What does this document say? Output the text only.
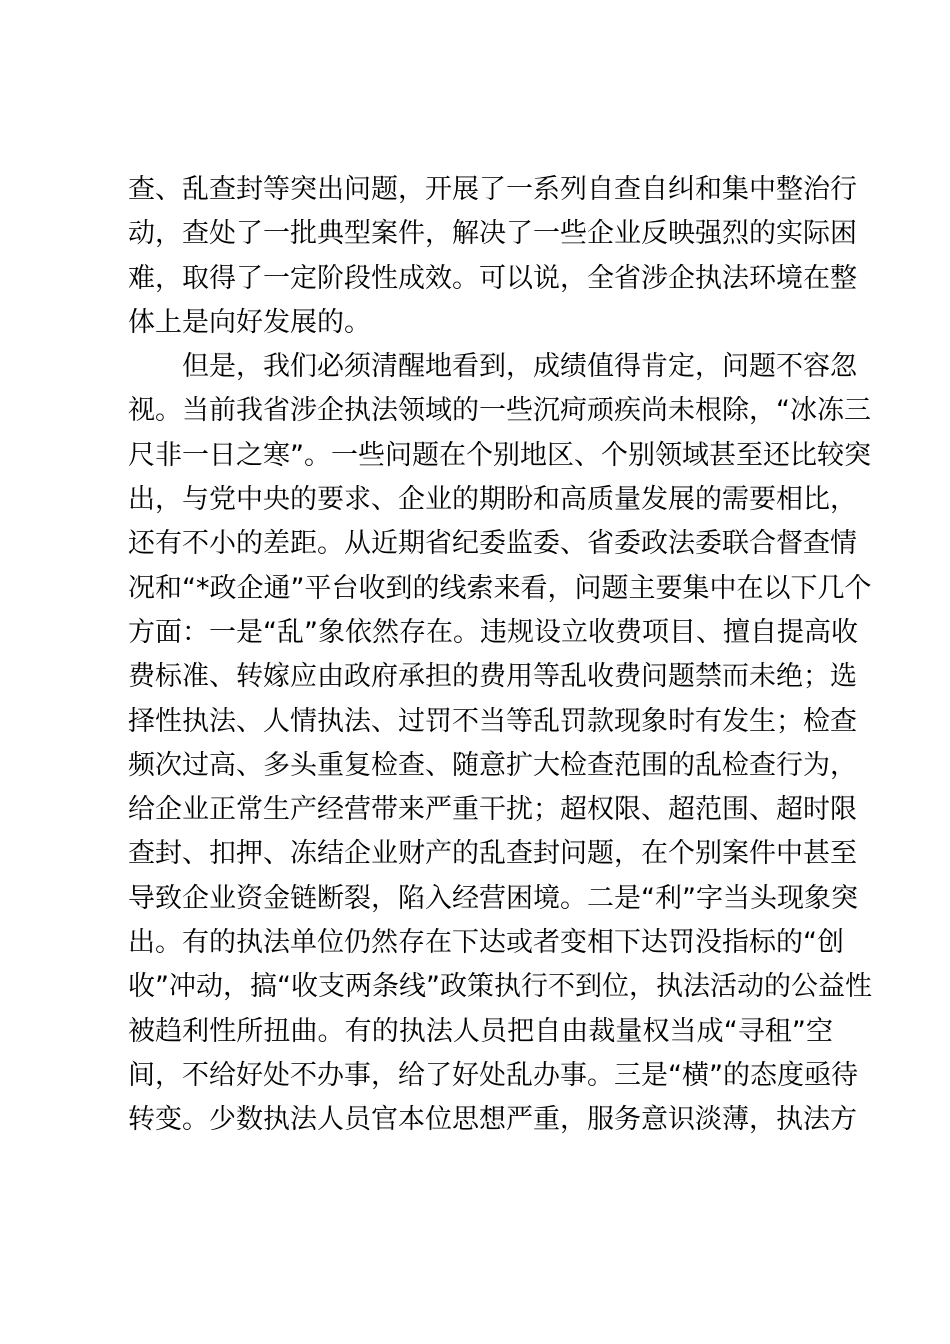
查、乱查封等突出问题，开展了一系列自查自纠和集中整治行
动，查处了一批典型案件，解决了一些企业反映强烈的实际困
难，取得了一定阶段性成效。可以说，全省涉企执法环境在整
体上是向好发展的。
但是，我们必须清醒地看到，成绩值得肯定，问题不容忽
视。当前我省涉企执法领域的一些沉疴顽疾尚未根除，“冰冻三
尺非一日之寒”。一些问题在个别地区、个别领域甚至还比较突
出，与党中央的要求、企业的期盼和高质量发展的需要相比，
还有不小的差距。从近期省纪委监委、省委政法委联合督查情
况和“*政企通”平台收到的线索来看，问题主要集中在以下几个
方面：一是“乱”象依然存在。违规设立收费项目、擅自提高收
费标准、转嫁应由政府承担的费用等乱收费问题禁而未绝；选
择性执法、人情执法、过罚不当等乱罚款现象时有发生；检查
频次过高、多头重复检查、随意扩大检查范围的乱检查行为，
给企业正常生产经营带来严重干扰；超权限、超范围、超时限
查封、扣押、冻结企业财产的乱查封问题，在个别案件中甚至
导致企业资金链断裂，陷入经营困境。二是“利”字当头现象突
出。有的执法单位仍然存在下达或者变相下达罚没指标的“创
收”冲动，搞“收支两条线”政策执行不到位，执法活动的公益性
被趋利性所扭曲。有的执法人员把自由裁量权当成“寻租”空
间，不给好处不办事，给了好处乱办事。三是“横”的态度亟待
转变。少数执法人员官本位思想严重，服务意识淡薄，执法方
